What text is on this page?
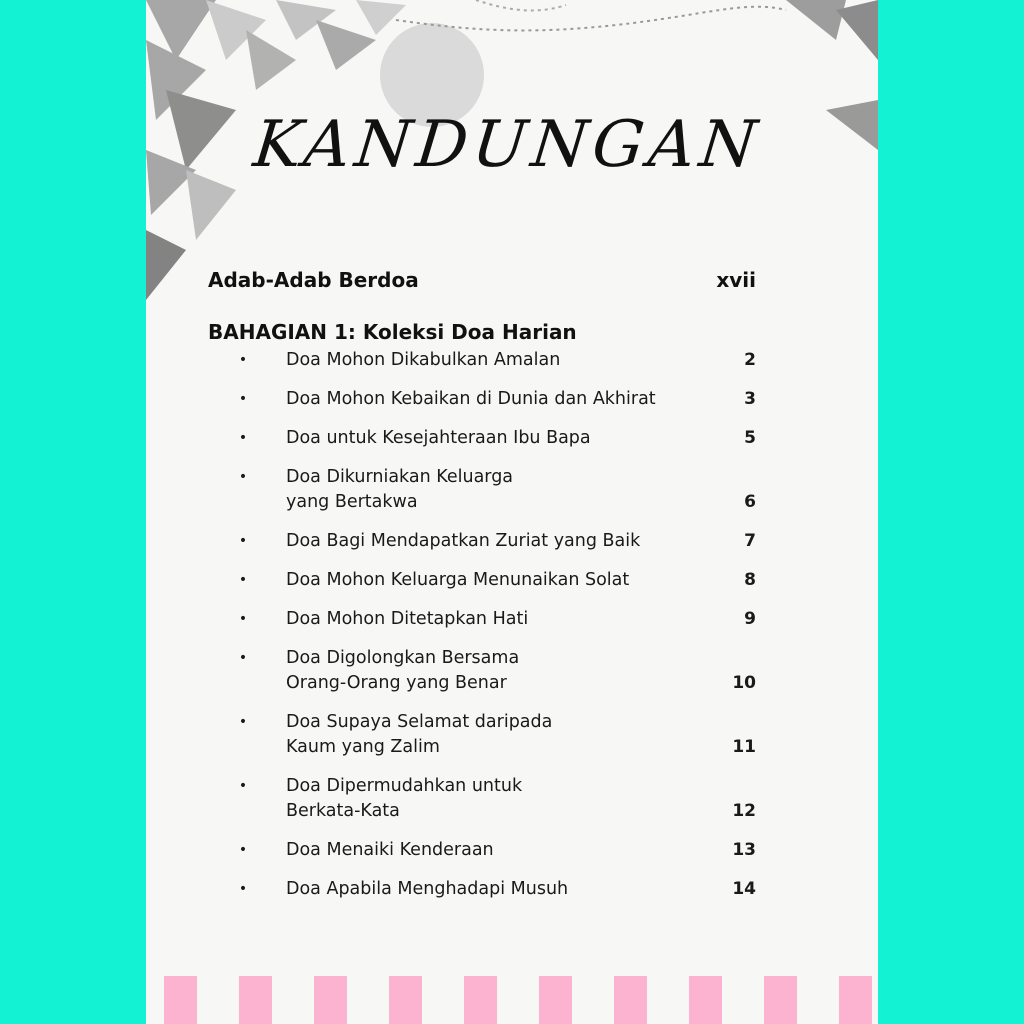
KANDUNGAN
Adab-Adab Berdoa	xvii
BAHAGIAN 1: Koleksi Doa Harian
• Doa Mohon Dikabulkan Amalan	2
• Doa Mohon Kebaikan di Dunia dan Akhirat	3
• Doa untuk Kesejahteraan Ibu Bapa	5
• Doa Dikurniakan Keluarga
yang Bertakwa	6
• Doa Bagi Mendapatkan Zuriat yang Baik	7
• Doa Mohon Keluarga Menunaikan Solat	8
• Doa Mohon Ditetapkan Hati	9
• Doa Digolongkan Bersama
Orang-Orang yang Benar	10
• Doa Supaya Selamat daripada
Kaum yang Zalim	11
• Doa Dipermudahkan untuk
Berkata-Kata	12
• Doa Menaiki Kenderaan	13
• Doa Apabila Menghadapi Musuh	14
